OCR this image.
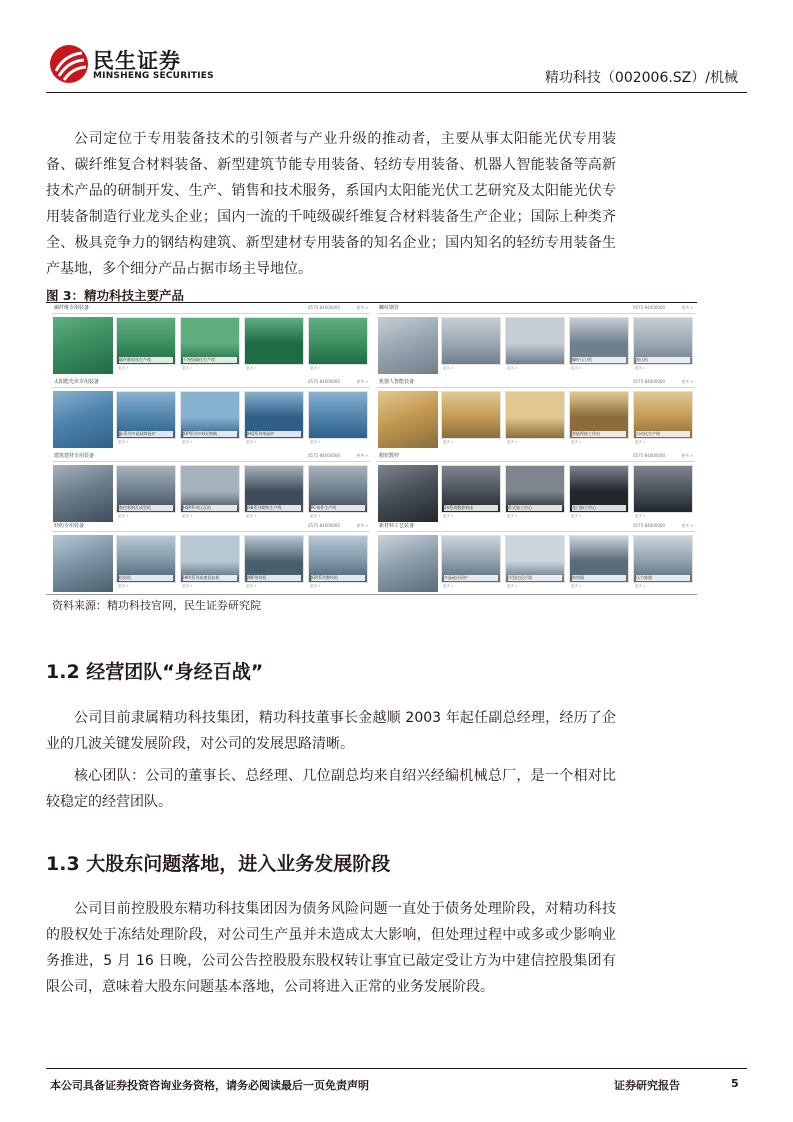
民生证券
MINSHENG SECURITIES	精功科技（002006.SZ）/机械

公司定位于专用装备技术的引领者与产业升级的推动者，主要从事太阳能光伏专用装备、碳纤维复合材料装备、新型建筑节能专用装备、轻纺专用装备、机器人智能装备等高新技术产品的研制开发、生产、销售和技术服务，系国内太阳能光伏工艺研究及太阳能光伏专用装备制造行业龙头企业；国内一流的千吨级碳纤维复合材料装备生产企业；国际上种类齐全、极具竞争力的钢结构建筑、新型建材专用装备的知名企业；国内知名的轻纺专用装备生产基地，多个细分产品占据市场主导地位。

图 3：精功科技主要产品
碳纤维专用装备	0575-84000000	更多 »
碳纤维原丝生产线
更多 »
千吨级碳化生产线
更多 »	更多 »	更多 »
螺纹钢管	0575-84000000	更多 »
更多 »	更多 »
螺杆压力机
更多 »
液压机
更多 »
太阳能光伏专用装备	0575-84000000	更多 »
JJL系列多晶硅铸锭炉
更多 »
JDP系列多线切割机
更多 »
JHQ系列单晶炉
更多 »	更多 »
机器人智能装备	0575-84000000	更多 »
更多 »	更多 »
智能焊接工作站
更多 »
自动化生产线
更多 »
建筑建材专用装备	0575-84000000	更多 »
数控彩钢瓦成型机
更多 »
HSP系列压瓦机
更多 »
JSB系列砌块生产线
更多 »
PC构件生产线
更多 »
精密数控	0575-84000000	更多 »
5X系列数控机床
更多 »
卧式加工中心
更多 »
龙门加工中心
更多 »	更多 »
轻纺专用装备	0575-84000000	更多 »
倍捻机
更多 »
HKV系列高速倍捻机
更多 »
JWF络筒机
更多 »
JGR系列整经机
更多 »
新材料工艺装备	0575-84000000	更多 »
多晶硅还原炉
更多 »
冷氢化反应器
更多 »
换热器
更多 »
压力容器
更多 »
资料来源：精功科技官网，民生证券研究院
1.2 经营团队“身经百战”

公司目前隶属精功科技集团，精功科技董事长金越顺 2003 年起任副总经理，经历了企业的几波关键发展阶段，对公司的发展思路清晰。

核心团队：公司的董事长、总经理、几位副总均来自绍兴经编机械总厂，是一个相对比较稳定的经营团队。

1.3 大股东问题落地，进入业务发展阶段

公司目前控股股东精功科技集团因为债务风险问题一直处于债务处理阶段，对精功科技的股权处于冻结处理阶段，对公司生产虽并未造成太大影响，但处理过程中或多或少影响业务推进，5 月 16 日晚，公司公告控股股东股权转让事宜已敲定受让方为中建信控股集团有限公司，意味着大股东问题基本落地，公司将进入正常的业务发展阶段。

本公司具备证券投资咨询业务资格，请务必阅读最后一页免责声明	证券研究报告	5
